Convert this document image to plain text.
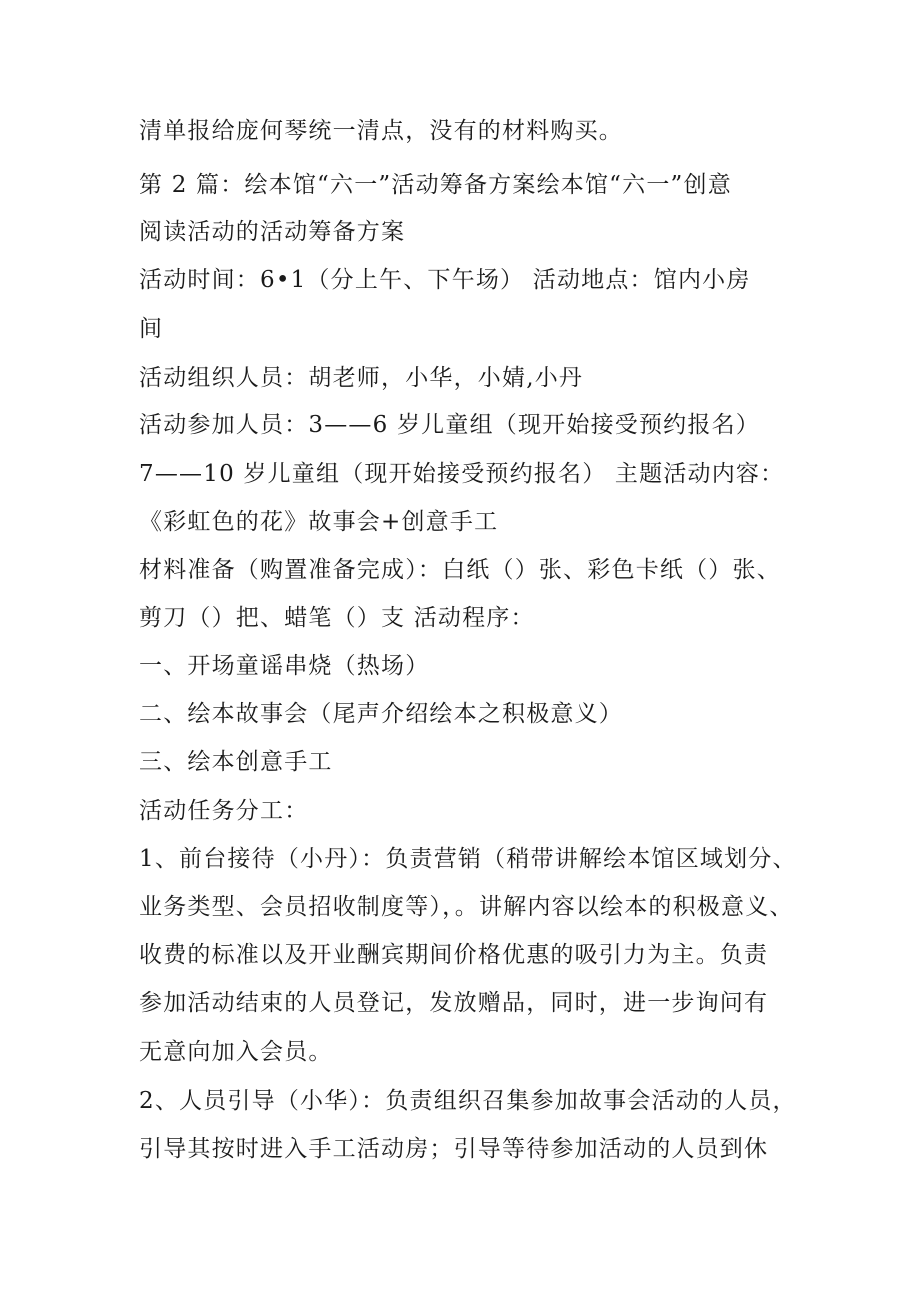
清单报给庞何琴统一清点，没有的材料购买。
第 2 篇：绘本馆“六一”活动筹备方案绘本馆“六一”创意
阅读活动的活动筹备方案
活动时间：6•1（分上午、下午场） 活动地点：馆内小房
间
活动组织人员：胡老师，小华，小婧,小丹
活动参加人员：3——6 岁儿童组（现开始接受预约报名）
7——10 岁儿童组（现开始接受预约报名） 主题活动内容：
《彩虹色的花》故事会+创意手工
材料准备（购置准备完成）：白纸（）张、彩色卡纸（）张、
剪刀（）把、蜡笔（）支 活动程序：
一、开场童谣串烧（热场）
二、绘本故事会（尾声介绍绘本之积极意义）
三、绘本创意手工
活动任务分工：
1、前台接待（小丹）：负责营销（稍带讲解绘本馆区域划分、
业务类型、会员招收制度等），。讲解内容以绘本的积极意义、
收费的标准以及开业酬宾期间价格优惠的吸引力为主。负责
参加活动结束的人员登记，发放赠品，同时，进一步询问有
无意向加入会员。
2、人员引导（小华）：负责组织召集参加故事会活动的人员，
引导其按时进入手工活动房；引导等待参加活动的人员到休
